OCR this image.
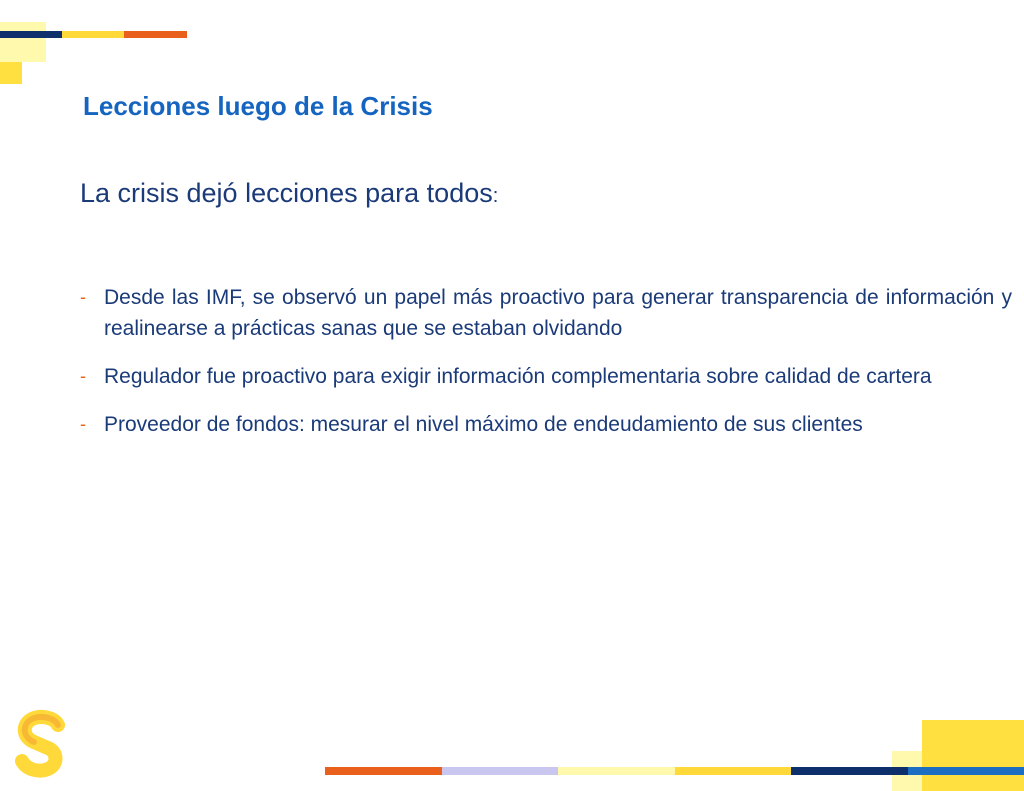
Lecciones luego de la Crisis

La crisis dejó lecciones para todos:

- Desde las IMF, se observó un papel más proactivo para generar transparencia de información y realinearse a prácticas sanas que se estaban olvidando
- Regulador fue proactivo para exigir información complementaria sobre calidad de cartera
- Proveedor de fondos: mesurar el nivel máximo de endeudamiento de sus clientes
